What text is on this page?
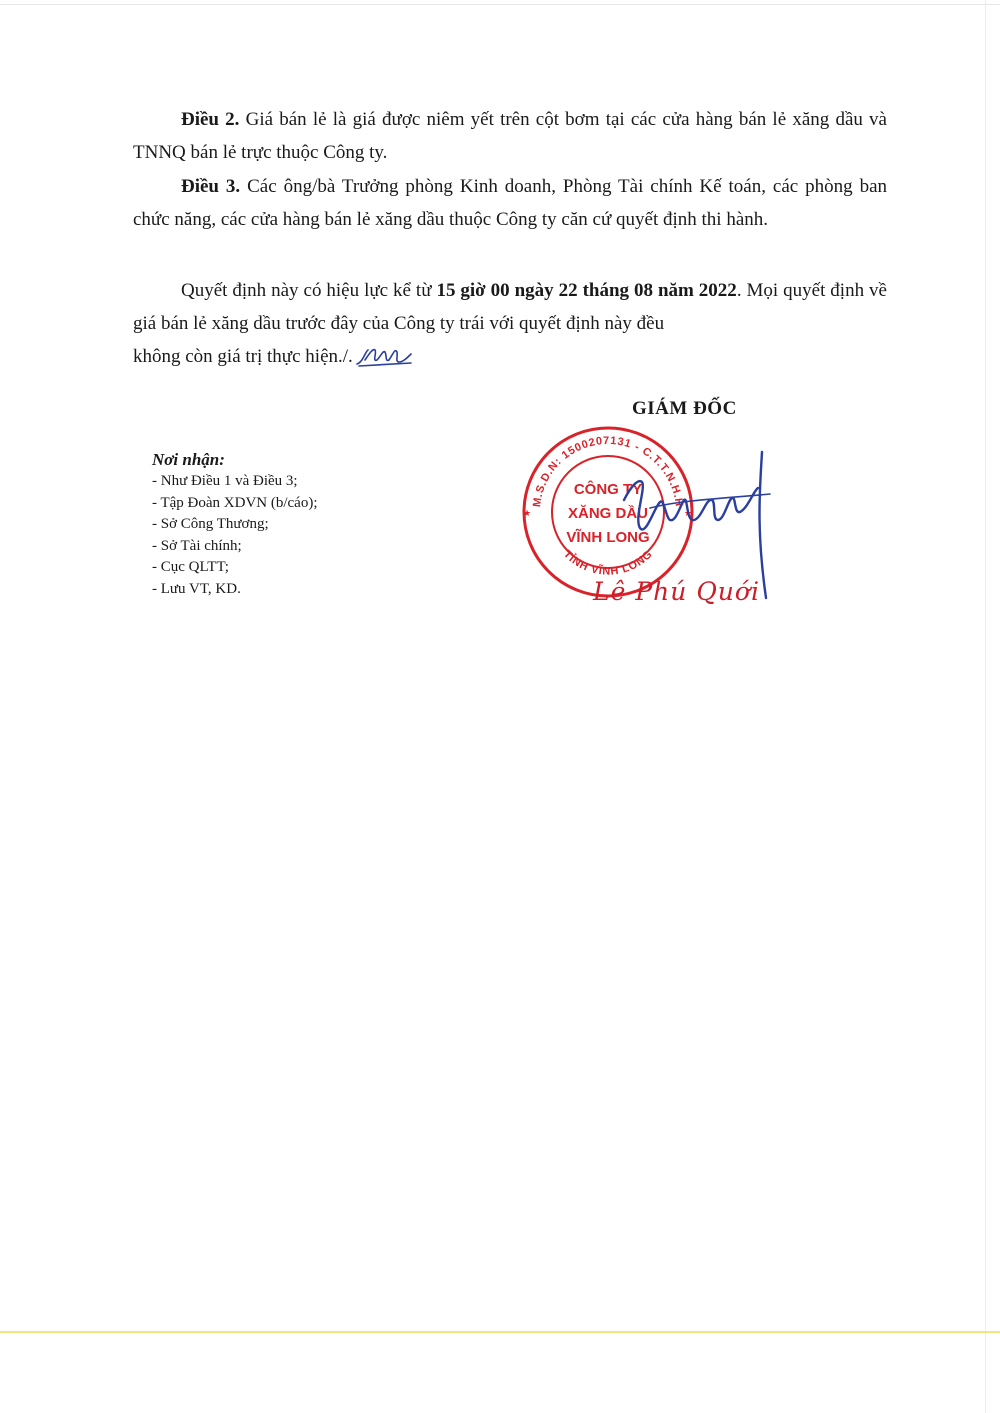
Điều 2. Giá bán lẻ là giá được niêm yết trên cột bơm tại các cửa hàng bán lẻ xăng dầu và TNNQ bán lẻ trực thuộc Công ty.

Điều 3. Các ông/bà Trưởng phòng Kinh doanh, Phòng Tài chính Kế toán, các phòng ban chức năng, các cửa hàng bán lẻ xăng dầu thuộc Công ty căn cứ quyết định thi hành.

Quyết định này có hiệu lực kể từ 15 giờ 00 ngày 22 tháng 08 năm 2022. Mọi quyết định về giá bán lẻ xăng dầu trước đây của Công ty trái với quyết định này đều

không còn giá trị thực hiện./.

GIÁM ĐỐC
Nơi nhận:
- Như Điều 1 và Điều 3;
- Tập Đoàn XDVN (b/cáo);
- Sở Công Thương;
- Sở Tài chính;
- Cục QLTT;
- Lưu VT, KD.
M.S.D.N: 1500207131 - C.T.T.N.H.H
TỈNH VĨNH LONG
★	★
CÔNG TY
XĂNG DẦU
VĨNH LONG
Lê Phú Quới
